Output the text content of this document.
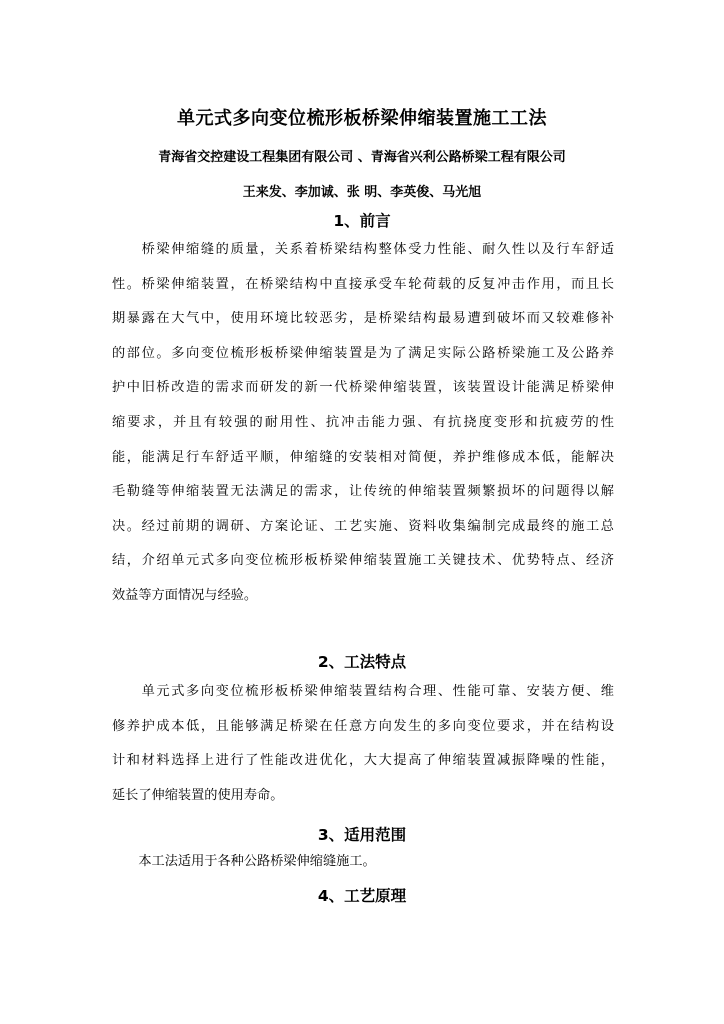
单元式多向变位梳形板桥梁伸缩装置施工工法
青海省交控建设工程集团有限公司 、青海省兴利公路桥梁工程有限公司
王来发、李加诚、张 明、李英俊、马光旭
1、前言
　　桥梁伸缩缝的质量，关系着桥梁结构整体受力性能、耐久性以及行车舒适
性。桥梁伸缩装置，在桥梁结构中直接承受车轮荷载的反复冲击作用，而且长
期暴露在大气中，使用环境比较恶劣，是桥梁结构最易遭到破坏而又较难修补
的部位。多向变位梳形板桥梁伸缩装置是为了满足实际公路桥梁施工及公路养
护中旧桥改造的需求而研发的新一代桥梁伸缩装置，该装置设计能满足桥梁伸
缩要求，并且有较强的耐用性、抗冲击能力强、有抗挠度变形和抗疲劳的性
能，能满足行车舒适平顺，伸缩缝的安装相对简便，养护维修成本低，能解决
毛勒缝等伸缩装置无法满足的需求，让传统的伸缩装置频繁损坏的问题得以解
决。经过前期的调研、方案论证、工艺实施、资料收集编制完成最终的施工总
结，介绍单元式多向变位梳形板桥梁伸缩装置施工关键技术、优势特点、经济
效益等方面情况与经验。
2、工法特点
　　单元式多向变位梳形板桥梁伸缩装置结构合理、性能可靠、安装方便、维
修养护成本低，且能够满足桥梁在任意方向发生的多向变位要求，并在结构设
计和材料选择上进行了性能改进优化，大大提高了伸缩装置减振降噪的性能，
延长了伸缩装置的使用寿命。
3、适用范围
　　本工法适用于各种公路桥梁伸缩缝施工。
4、工艺原理
